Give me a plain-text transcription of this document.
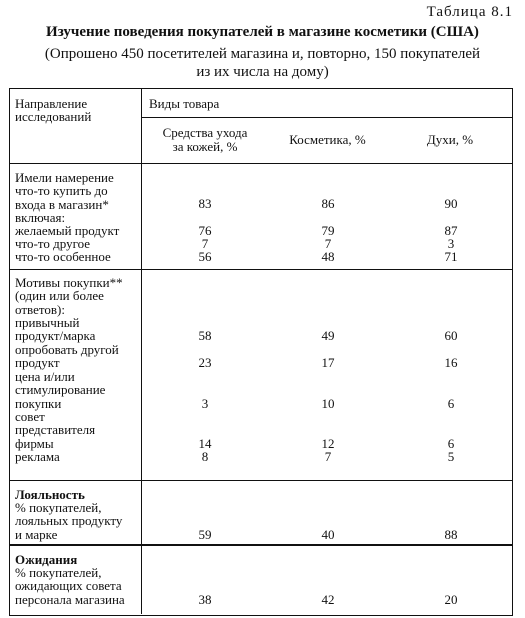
Таблица 8.1
Изучение поведения покупателей в магазине косметики (США)
(Опрошено 450 посетителей магазина и, повторно, 150 покупателей
из их числа на дому)
Направление
исследований
Виды товара
Средства ухода
за кожей, %	Косметика, %	Духи, %
Имели намерение
что-то купить до
входа в магазин*
включая:
83	86	90
желаемый продукт	76	79	87
что-то другое	7	7	3
что-то особенное	56	48	71
Мотивы покупки**
(один или более
ответов):
привычный
продукт/марка	58	49	60
опробовать другой
продукт	23	17	16
цена и/или
стимулирование
покупки	3	10	6
совет
представителя
фирмы	14	12	6
реклама	8	7	5
Лояльность
% покупателей,
лояльных продукту
и марке	59	40	88
Ожидания
% покупателей,
ожидающих совета
персонала магазина	38	42	20
